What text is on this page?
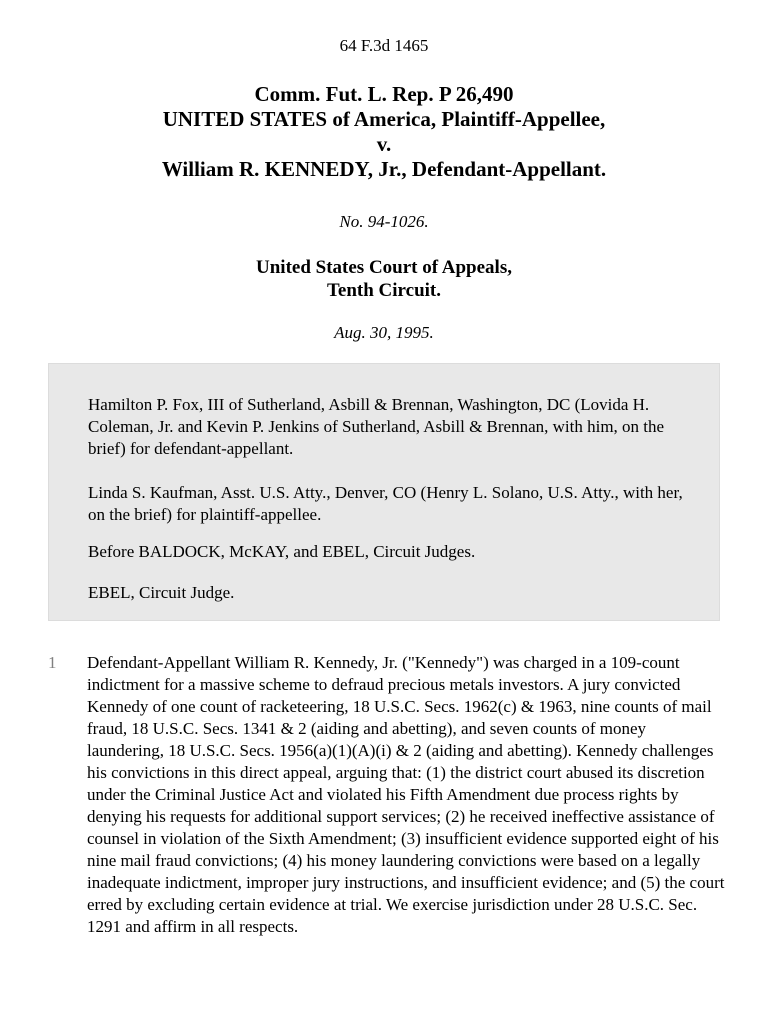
64 F.3d 1465
Comm. Fut. L. Rep. P 26,490
UNITED STATES of America, Plaintiff-Appellee,
v.
William R. KENNEDY, Jr., Defendant-Appellant.
No. 94-1026.
United States Court of Appeals,
Tenth Circuit.
Aug. 30, 1995.

Hamilton P. Fox, III of Sutherland, Asbill & Brennan, Washington, DC (Lovida H. Coleman, Jr. and Kevin P. Jenkins of Sutherland, Asbill & Brennan, with him, on the brief) for defendant-appellant.

Linda S. Kaufman, Asst. U.S. Atty., Denver, CO (Henry L. Solano, U.S. Atty., with her, on the brief) for plaintiff-appellee.

Before BALDOCK, McKAY, and EBEL, Circuit Judges.

EBEL, Circuit Judge.

1 Defendant-Appellant William R. Kennedy, Jr. ("Kennedy") was charged in a 109-count indictment for a massive scheme to defraud precious metals investors. A jury convicted Kennedy of one count of racketeering, 18 U.S.C. Secs. 1962(c) & 1963, nine counts of mail fraud, 18 U.S.C. Secs. 1341 & 2 (aiding and abetting), and seven counts of money laundering, 18 U.S.C. Secs. 1956(a)(1)(A)(i) & 2 (aiding and abetting). Kennedy challenges his convictions in this direct appeal, arguing that: (1) the district court abused its discretion under the Criminal Justice Act and violated his Fifth Amendment due process rights by denying his requests for additional support services; (2) he received ineffective assistance of counsel in violation of the Sixth Amendment; (3) insufficient evidence supported eight of his nine mail fraud convictions; (4) his money laundering convictions were based on a legally inadequate indictment, improper jury instructions, and insufficient evidence; and (5) the court erred by excluding certain evidence at trial. We exercise jurisdiction under 28 U.S.C. Sec. 1291 and affirm in all respects.
